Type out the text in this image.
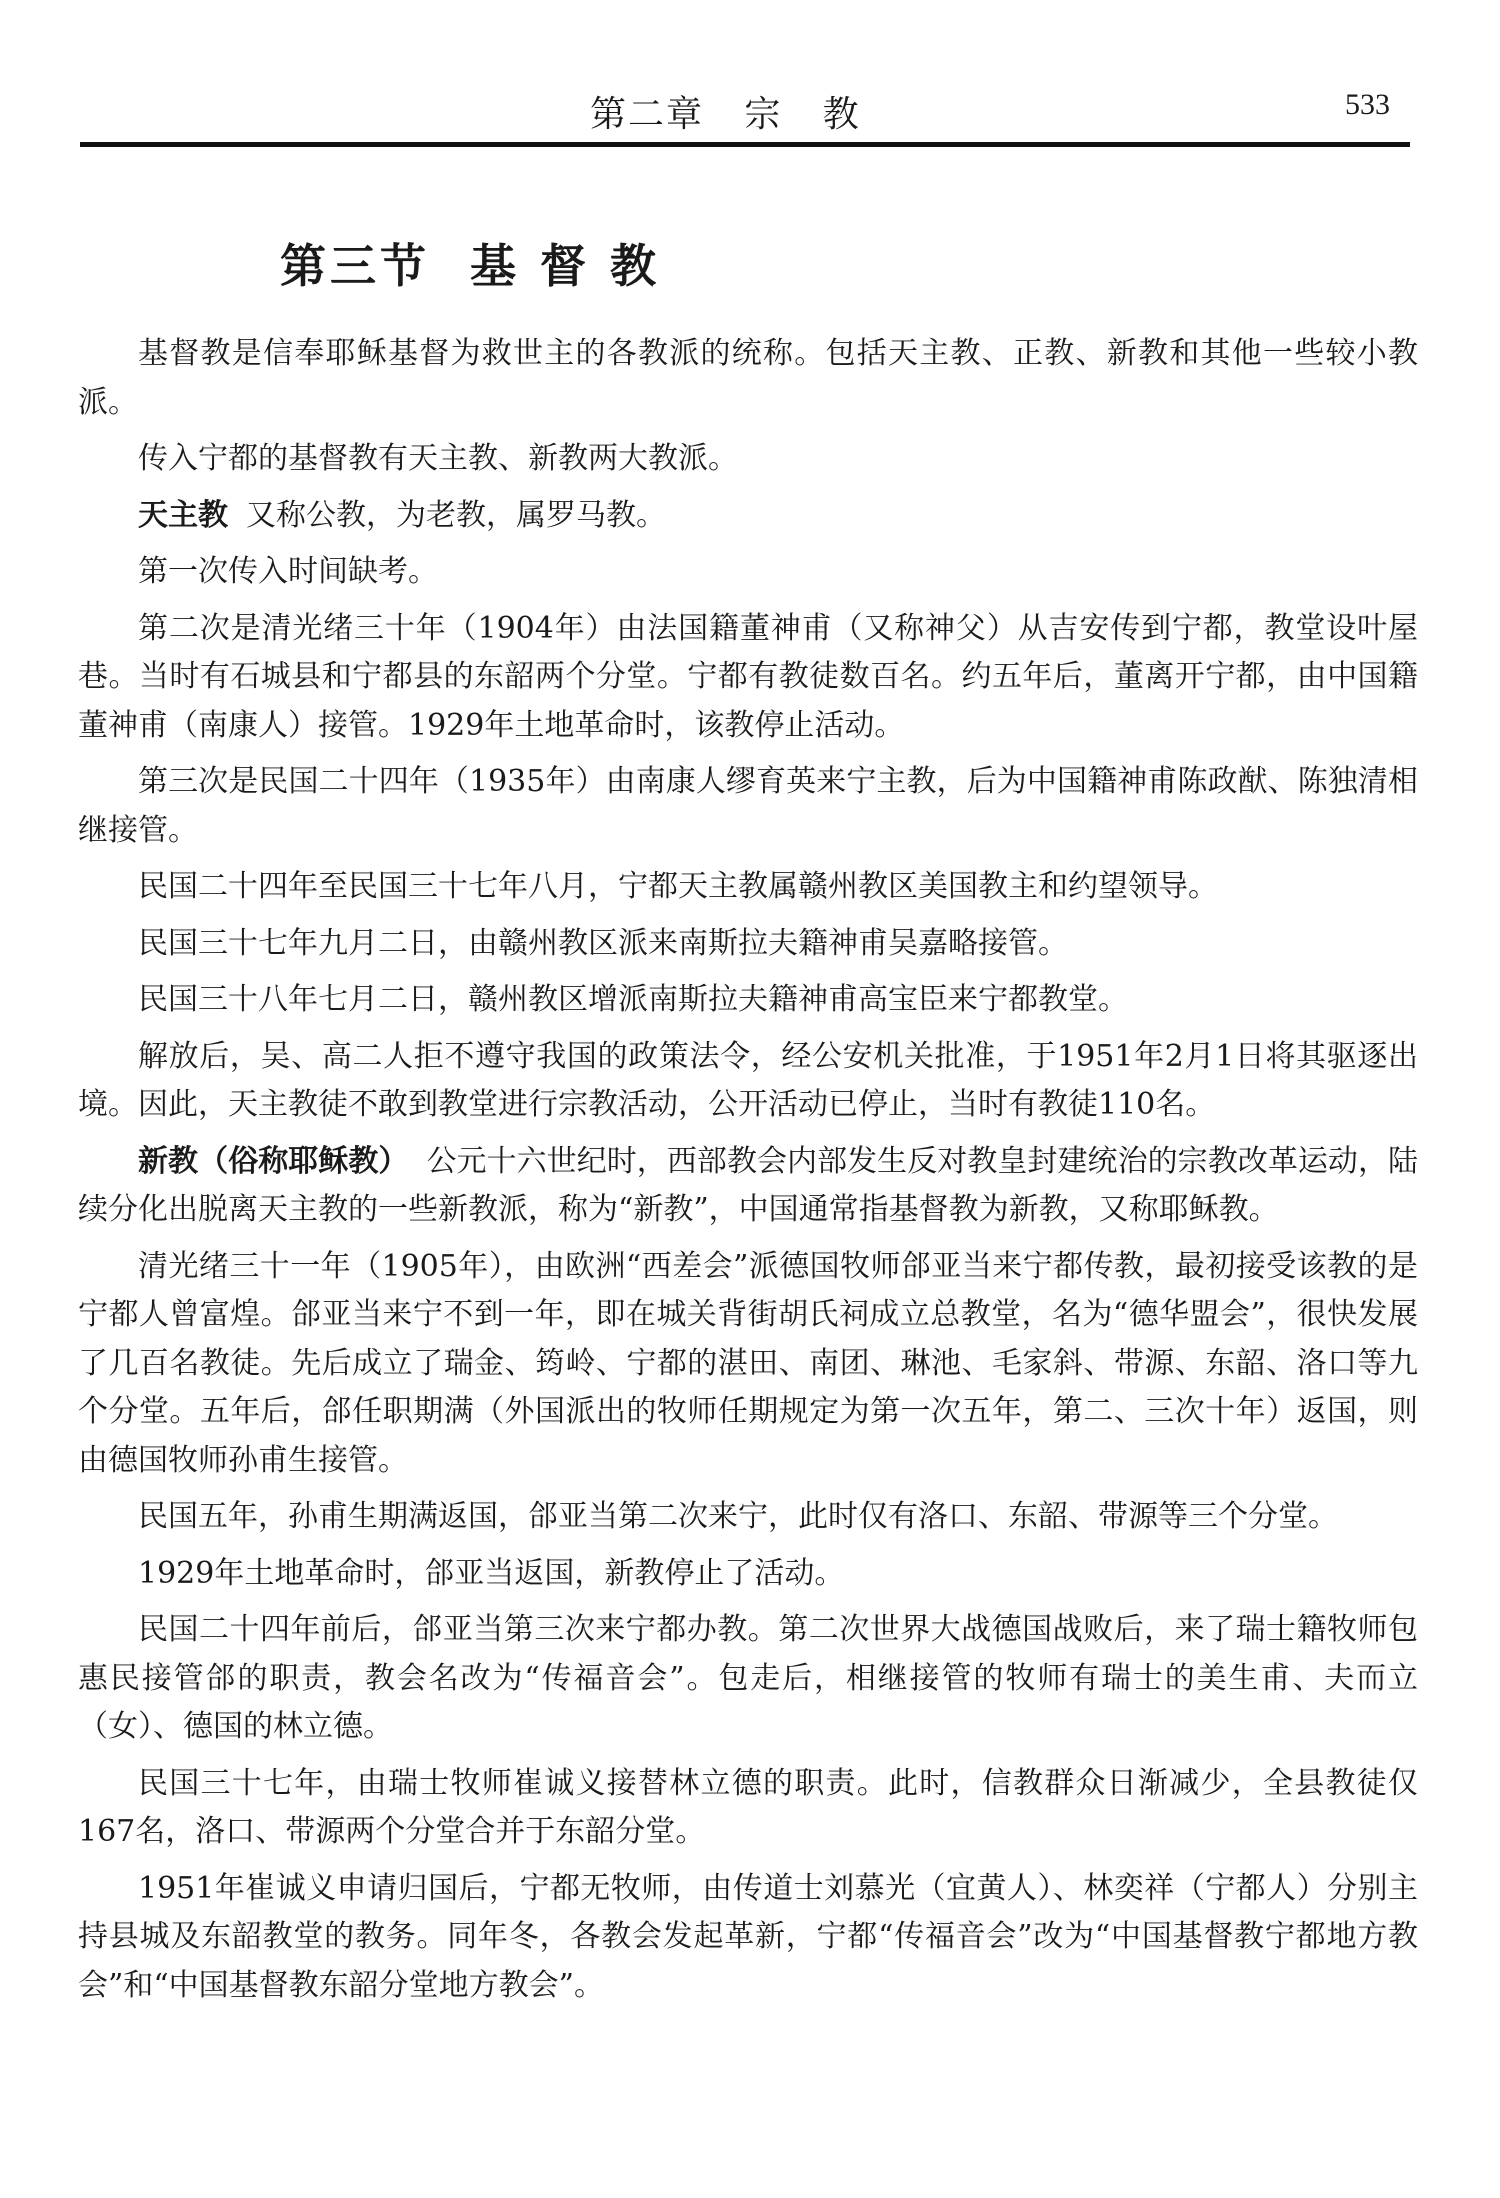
第二章   宗   教	533
第三节  基 督 教

基督教是信奉耶稣基督为救世主的各教派的统称。包括天主教、正教、新教和其他一些较小教派。

传入宁都的基督教有天主教、新教两大教派。

天主教 又称公教，为老教，属罗马教。

第一次传入时间缺考。

第二次是清光绪三十年（1904年）由法国籍董神甫（又称神父）从吉安传到宁都，教堂设叶屋巷。当时有石城县和宁都县的东韶两个分堂。宁都有教徒数百名。约五年后，董离开宁都，由中国籍董神甫（南康人）接管。1929年土地革命时，该教停止活动。

第三次是民国二十四年（1935年）由南康人缪育英来宁主教，后为中国籍神甫陈政猷、陈独清相继接管。

民国二十四年至民国三十七年八月，宁都天主教属赣州教区美国教主和约望领导。

民国三十七年九月二日，由赣州教区派来南斯拉夫籍神甫吴嘉略接管。

民国三十八年七月二日，赣州教区增派南斯拉夫籍神甫高宝臣来宁都教堂。

解放后，吴、高二人拒不遵守我国的政策法令，经公安机关批准，于1951年2月1日将其驱逐出境。因此，天主教徒不敢到教堂进行宗教活动，公开活动已停止，当时有教徒110名。

新教（俗称耶稣教） 公元十六世纪时，西部教会内部发生反对教皇封建统治的宗教改革运动，陆续分化出脱离天主教的一些新教派，称为“新教”，中国通常指基督教为新教，又称耶稣教。

清光绪三十一年（1905年），由欧洲“西差会”派德国牧师郃亚当来宁都传教，最初接受该教的是宁都人曾富煌。郃亚当来宁不到一年，即在城关背街胡氏祠成立总教堂，名为“德华盟会”，很快发展了几百名教徒。先后成立了瑞金、筠岭、宁都的湛田、南团、琳池、毛家斜、带源、东韶、洛口等九个分堂。五年后，郃任职期满（外国派出的牧师任期规定为第一次五年，第二、三次十年）返国，则由德国牧师孙甫生接管。

民国五年，孙甫生期满返国，郃亚当第二次来宁，此时仅有洛口、东韶、带源等三个分堂。

1929年土地革命时，郃亚当返国，新教停止了活动。

民国二十四年前后，郃亚当第三次来宁都办教。第二次世界大战德国战败后，来了瑞士籍牧师包惠民接管郃的职责，教会名改为“传福音会”。包走后，相继接管的牧师有瑞士的美生甫、夫而立（女）、德国的林立德。

民国三十七年，由瑞士牧师崔诚义接替林立德的职责。此时，信教群众日渐减少，全县教徒仅167名，洛口、带源两个分堂合并于东韶分堂。

1951年崔诚义申请归国后，宁都无牧师，由传道士刘慕光（宜黄人）、林奕祥（宁都人）分别主持县城及东韶教堂的教务。同年冬，各教会发起革新，宁都“传福音会”改为“中国基督教宁都地方教会”和“中国基督教东韶分堂地方教会”。
